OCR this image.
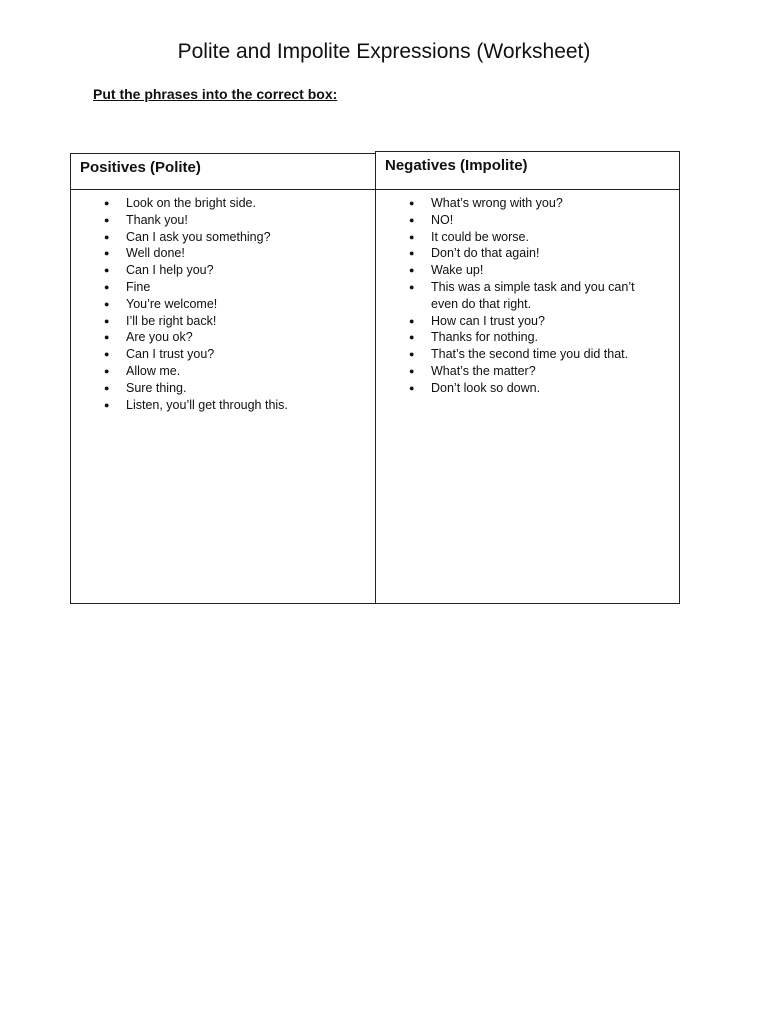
Polite and Impolite Expressions (Worksheet)

Put the phrases into the correct box:

Positives (Polite)
● Look on the bright side.
● Thank you!
● Can I ask you something?
● Well done!
● Can I help you?
● Fine
● You’re welcome!
● I’ll be right back!
● Are you ok?
● Can I trust you?
● Allow me.
● Sure thing.
● Listen, you’ll get through this.
Negatives (Impolite)
● What’s wrong with you?
● NO!
● It could be worse.
● Don’t do that again!
● Wake up!
● This was a simple task and you can’t even do that right.
● How can I trust you?
● Thanks for nothing.
● That’s the second time you did that.
● What’s the matter?
● Don’t look so down.
